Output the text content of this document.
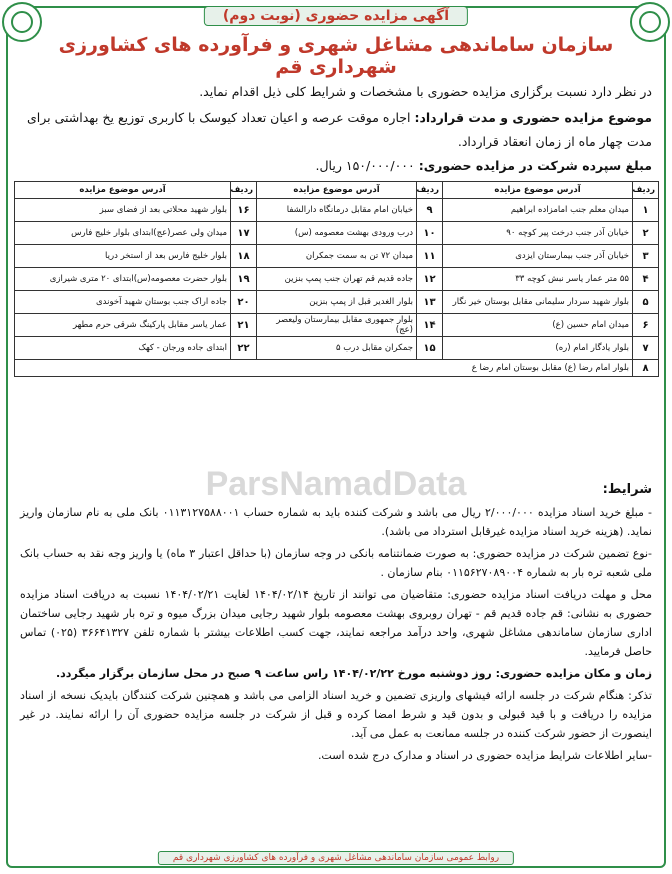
آگهی مزایده حضوری (نوبت دوم)
سازمان ساماندهی مشاغل شهری و فرآورده های کشاورزی شهرداری قم
در نظر دارد نسبت برگزاری مزایده حضوری با مشخصات و شرایط کلی ذیل اقدام نماید.
موضوع مزایده حضوری و مدت قرارداد: اجاره موقت عرصه و اعیان تعداد کیوسک با کاربری توزیع یخ بهداشتی برای مدت چهار ماه از زمان انعقاد قرارداد.
مبلغ سپرده شرکت در مزایده حضوری: ۱۵۰/۰۰۰/۰۰۰ ریال.
ردیف	آدرس موضوع مزایده	ردیف	آدرس موضوع مزایده	ردیف	آدرس موضوع مزایده
۱	میدان معلم جنب امامزاده ابراهیم	۹	خیابان امام مقابل درمانگاه دارالشفا	۱۶	بلوار شهید محلاتی بعد از فضای سبز
۲	خیابان آذر جنب درخت پیر کوچه ۹۰	۱۰	درب ورودی بهشت معصومه (س)	۱۷	میدان ولی عصر(عج)ابتدای بلوار خلیج فارس
۳	خیابان آذر جنب بیمارستان ایزدی	۱۱	میدان ۷۲ تن به سمت جمکران	۱۸	بلوار خلیج فارس بعد از استخر دریا
۴	۵۵ متر عمار یاسر نبش کوچه ۳۳	۱۲	جاده قدیم قم تهران جنب پمپ بنزین	۱۹	بلوار حضرت معصومه(س)ابتدای ۲۰ متری شیرازی
۵	بلوار شهید سردار سلیمانی مقابل بوستان خیر نگار	۱۳	بلوار الغدیر قبل از پمپ بنزین	۲۰	جاده اراک جنب بوستان شهید آخوندی
۶	میدان امام حسین (ع)	۱۴	بلوار جمهوری مقابل بیمارستان ولیعصر (عج)	۲۱	عمار یاسر مقابل پارکینگ شرقی حرم مطهر
۷	بلوار یادگار امام (ره)	۱۵	جمکران مقابل درب ۵	۲۲	ابتدای جاده ورجان - کهک
۸	بلوار امام رضا (ع) مقابل بوستان امام رضا ع				
ParsNamadData	شرایط:

- مبلغ خرید اسناد مزایده ۲/۰۰۰/۰۰۰ ریال می باشد و شرکت کننده باید به شماره حساب ۰۱۱۳۱۲۷۵۸۸۰۰۱ بانک ملی به نام سازمان واریز نماید. (هزینه خرید اسناد مزایده غیرقابل استرداد می باشد).

-نوع تضمین شرکت در مزایده حضوری: به صورت ضمانتنامه بانکی در وجه سازمان (با حداقل اعتبار ۳ ماه) یا واریز وجه نقد به حساب بانک ملی شعبه تره بار به شماره ۰۱۱۵۶۲۷۰۸۹۰۰۴ بنام سازمان .

محل و مهلت دریافت اسناد مزایده حضوری: متقاضیان می توانند از تاریخ ۱۴۰۴/۰۲/۱۴ لغایت ۱۴۰۴/۰۲/۲۱ نسبت به دریافت اسناد مزایده حضوری به نشانی: قم جاده قدیم قم - تهران روبروی بهشت معصومه بلوار شهید رجایی میدان بزرگ میوه و تره بار شهید رجایی ساختمان اداری سازمان ساماندهی مشاغل شهری، واحد درآمد مراجعه نمایند، جهت کسب اطلاعات بیشتر با شماره تلفن ۳۶۶۴۱۳۲۷ (۰۲۵) تماس حاصل فرمایید.

زمان و مکان مزایده حضوری: روز دوشنبه مورخ ۱۴۰۴/۰۲/۲۲ راس ساعت ۹ صبح در محل سازمان برگزار میگردد.

تذکر: هنگام شرکت در جلسه ارائه فیشهای واریزی تضمین و خرید اسناد الزامی می باشد و همچنین شرکت کنندگان بایدیک نسخه از اسناد مزایده را دریافت و با قید قبولی و بدون قید و شرط امضا کرده و قبل از شرکت در جلسه مزایده حضوری آن را ارائه نمایند. در غیر اینصورت از حضور شرکت کننده در جلسه ممانعت به عمل می آید.

-سایر اطلاعات شرایط مزایده حضوری در اسناد و مدارک درج شده است.

روابط عمومی سازمان ساماندهی مشاغل شهری و فرآورده های کشاورزی شهرداری قم
